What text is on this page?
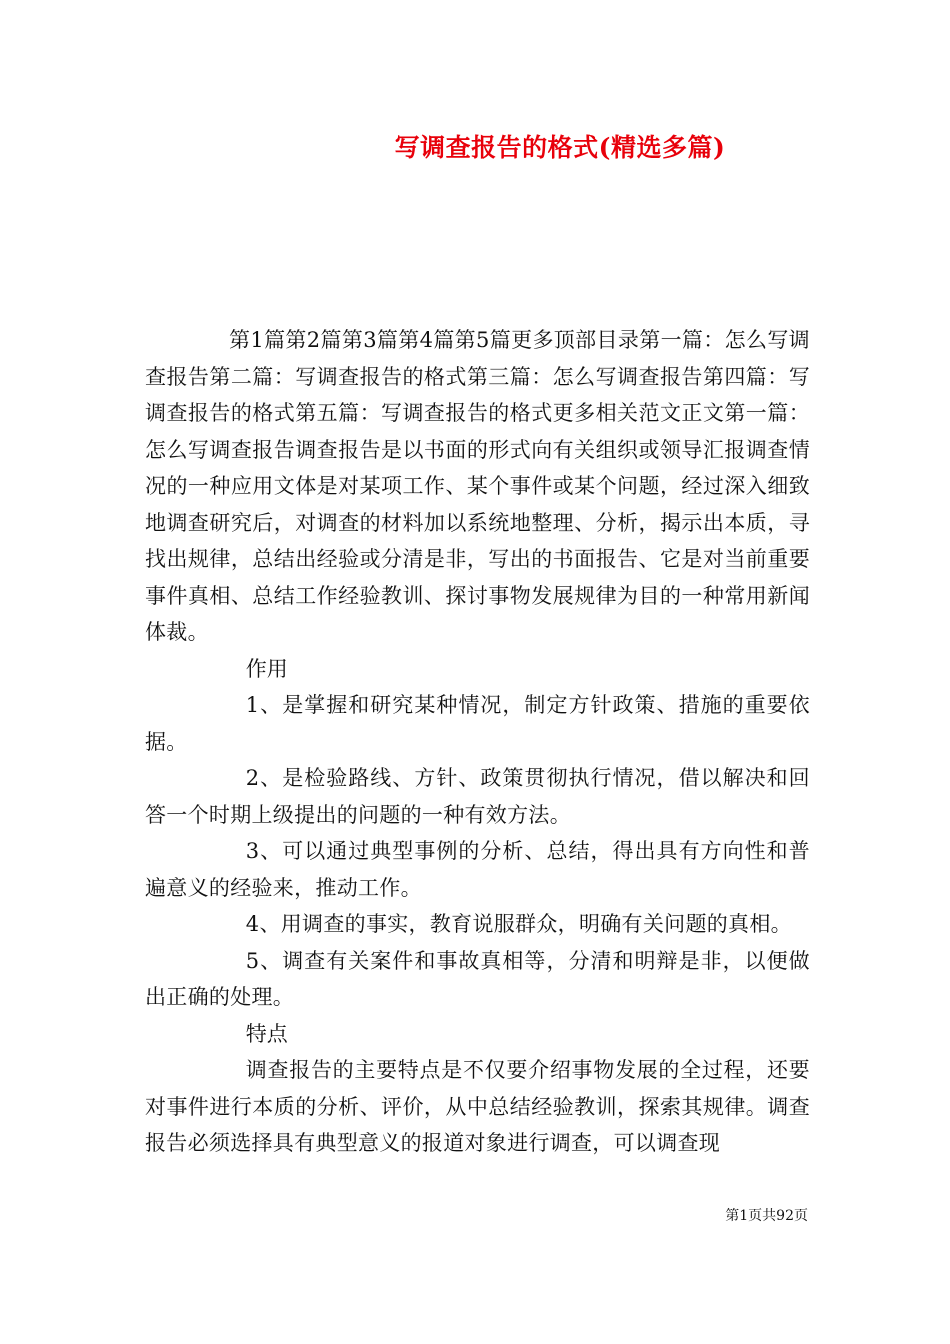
写调查报告的格式(精选多篇)

第1篇第2篇第3篇第4篇第5篇更多顶部目录第一篇：怎么写调查报告第二篇：写调查报告的格式第三篇：怎么写调查报告第四篇：写调查报告的格式第五篇：写调查报告的格式更多相关范文正文第一篇：怎么写调查报告调查报告是以书面的形式向有关组织或领导汇报调查情况的一种应用文体是对某项工作、某个事件或某个问题，经过深入细致地调查研究后，对调查的材料加以系统地整理、分析，揭示出本质，寻找出规律，总结出经验或分清是非，写出的书面报告、它是对当前重要事件真相、总结工作经验教训、探讨事物发展规律为目的一种常用新闻体裁。

作用

1、是掌握和研究某种情况，制定方针政策、措施的重要依据。

2、是检验路线、方针、政策贯彻执行情况，借以解决和回答一个时期上级提出的问题的一种有效方法。

3、可以通过典型事例的分析、总结，得出具有方向性和普遍意义的经验来，推动工作。

4、用调查的事实，教育说服群众，明确有关问题的真相。

5、调查有关案件和事故真相等，分清和明辩是非，以便做出正确的处理。

特点

调查报告的主要特点是不仅要介绍事物发展的全过程，还要对事件进行本质的分析、评价，从中总结经验教训，探索其规律。调查报告必须选择具有典型意义的报道对象进行调查，可以调查现

第1页共92页
